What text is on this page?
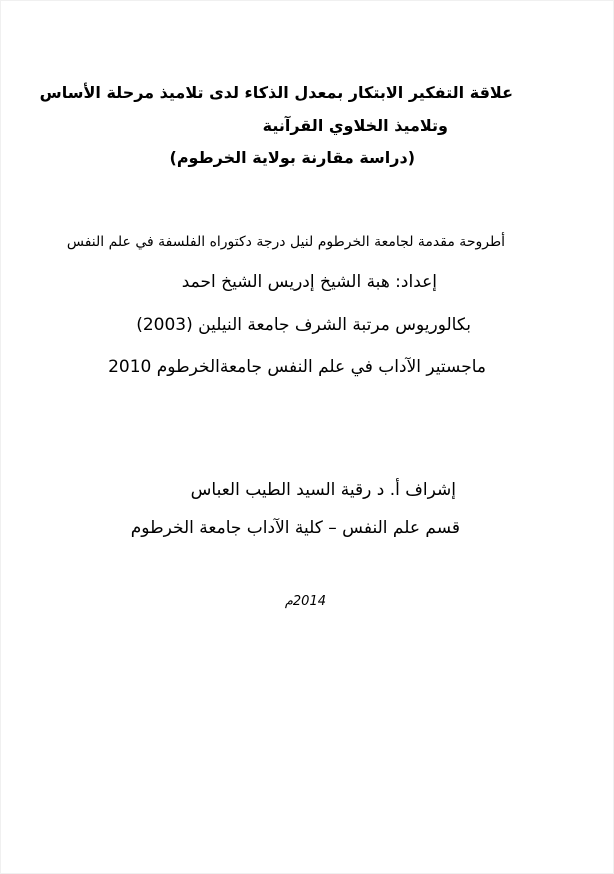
علاقة التفكير الابتكار بمعدل الذكاء لدى تلاميذ مرحلة الأساس
وتلاميذ الخلاوي القرآنية
(دراسة مقارنة بولاية الخرطوم)
أطروحة مقدمة لجامعة الخرطوم لنيل درجة دكتوراه الفلسفة في علم النفس
إعداد: هبة الشيخ إدريس الشيخ احمد
بكالوريوس مرتبة الشرف جامعة النيلين (2003)
ماجستير الآداب في علم النفس جامعةالخرطوم 2010
إشراف أ. د رقية السيد الطيب العباس
قسم علم النفس – كلية الآداب جامعة الخرطوم
2014م
